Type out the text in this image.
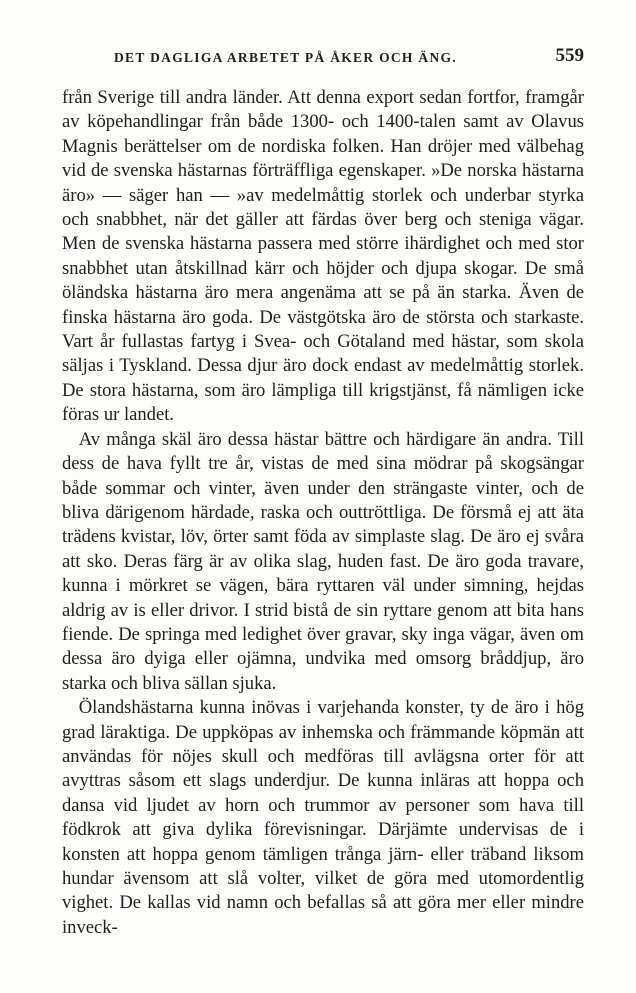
DET DAGLIGA ARBETET PÅ ÅKER OCH ÄNG.	559

från Sverige till andra länder. Att denna export sedan fortfor, framgår av köpehandlingar från både 1300- och 1400-talen samt av Olavus Magnis berättelser om de nordiska folken. Han dröjer med välbehag vid de svenska hästarnas förträffliga egenskaper. »De norska hästarna äro» — säger han — »av medelmåttig storlek och underbar styrka och snabbhet, när det gäller att färdas över berg och steniga vägar. Men de svenska hästarna passera med större ihärdighet och med stor snabbhet utan åtskillnad kärr och höjder och djupa skogar. De små öländska hästarna äro mera angenäma att se på än starka. Även de finska hästarna äro goda. De västgötska äro de största och starkaste. Vart år fullastas fartyg i Svea- och Götaland med hästar, som skola säljas i Tyskland. Dessa djur äro dock endast av medelmåttig storlek. De stora hästarna, som äro lämpliga till krigstjänst, få nämligen icke föras ur landet.

Av många skäl äro dessa hästar bättre och härdigare än andra. Till dess de hava fyllt tre år, vistas de med sina mödrar på skogsängar både sommar och vinter, även under den strängaste vinter, och de bliva därigenom härdade, raska och outtröttliga. De försmå ej att äta trädens kvistar, löv, örter samt föda av simplaste slag. De äro ej svåra att sko. Deras färg är av olika slag, huden fast. De äro goda travare, kunna i mörkret se vägen, bära ryttaren väl under simning, hejdas aldrig av is eller drivor. I strid bistå de sin ryttare genom att bita hans fiende. De springa med ledighet över gravar, sky inga vägar, även om dessa äro dyiga eller ojämna, undvika med omsorg bråddjup, äro starka och bliva sällan sjuka.

Ölandshästarna kunna inövas i varjehanda konster, ty de äro i hög grad läraktiga. De uppköpas av inhemska och främmande köpmän att användas för nöjes skull och medföras till avlägsna orter för att avyttras såsom ett slags underdjur. De kunna inläras att hoppa och dansa vid ljudet av horn och trummor av personer som hava till födkrok att giva dylika förevisningar. Därjämte undervisas de i konsten att hoppa genom tämligen trånga järn- eller träband liksom hundar ävensom att slå volter, vilket de göra med utomordentlig vighet. De kallas vid namn och befallas så att göra mer eller mindre inveck-
